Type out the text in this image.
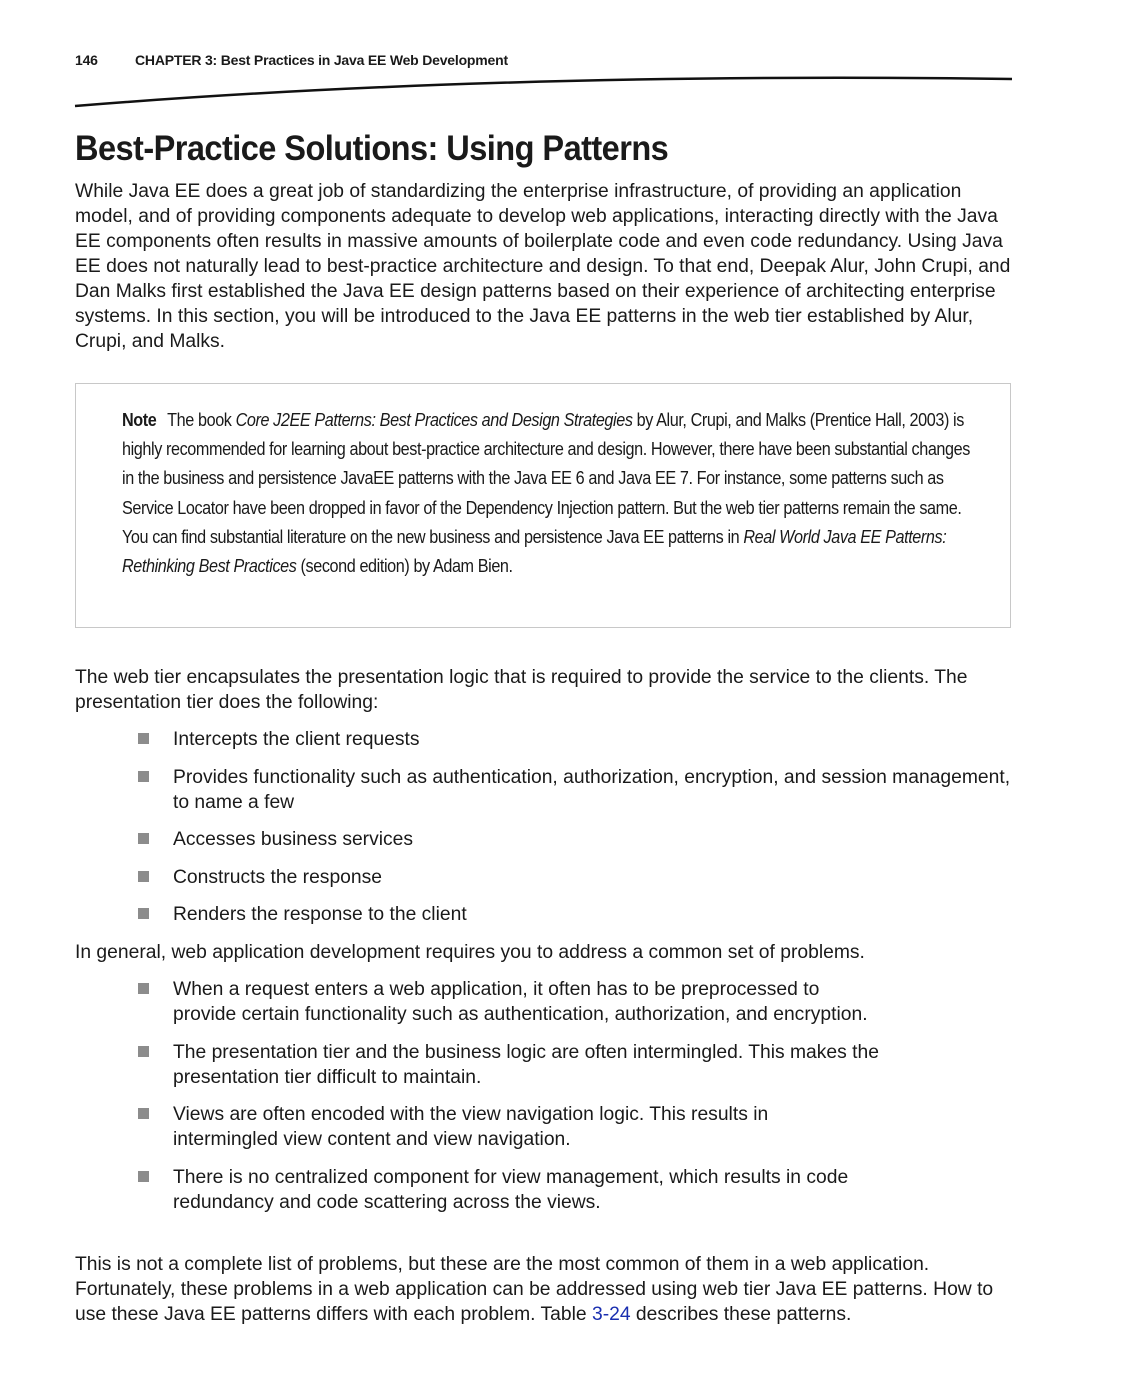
146	CHAPTER 3: Best Practices in Java EE Web Development
Best-Practice Solutions: Using Patterns

While Java EE does a great job of standardizing the enterprise infrastructure, of providing an application model, and of providing components adequate to develop web applications, interacting directly with the Java EE components often results in massive amounts of boilerplate code and even code redundancy. Using Java EE does not naturally lead to best-practice architecture and design. To that end, Deepak Alur, John Crupi, and Dan Malks first established the Java EE design patterns based on their experience of architecting enterprise systems. In this section, you will be introduced to the Java EE patterns in the web tier established by Alur, Crupi, and Malks.

Note The book Core J2EE Patterns: Best Practices and Design Strategies by Alur, Crupi, and Malks (Prentice Hall, 2003) is highly recommended for learning about best-practice architecture and design. However, there have been substantial changes in the business and persistence JavaEE patterns with the Java EE 6 and Java EE 7. For instance, some patterns such as Service Locator have been dropped in favor of the Dependency Injection pattern. But the web tier patterns remain the same. You can find substantial literature on the new business and persistence Java EE patterns in Real World Java EE Patterns: Rethinking Best Practices (second edition) by Adam Bien.

The web tier encapsulates the presentation logic that is required to provide the service to the clients. The presentation tier does the following:

Intercepts the client requests
Provides functionality such as authentication, authorization, encryption, and session management, to name a few
Accesses business services
Constructs the response
Renders the response to the client

In general, web application development requires you to address a common set of problems.

When a request enters a web application, it often has to be preprocessed to provide certain functionality such as authentication, authorization, and encryption.
The presentation tier and the business logic are often intermingled. This makes the presentation tier difficult to maintain.
Views are often encoded with the view navigation logic. This results in intermingled view content and view navigation.
There is no centralized component for view management, which results in code redundancy and code scattering across the views.

This is not a complete list of problems, but these are the most common of them in a web application. Fortunately, these problems in a web application can be addressed using web tier Java EE patterns. How to use these Java EE patterns differs with each problem. Table 3-24 describes these patterns.
